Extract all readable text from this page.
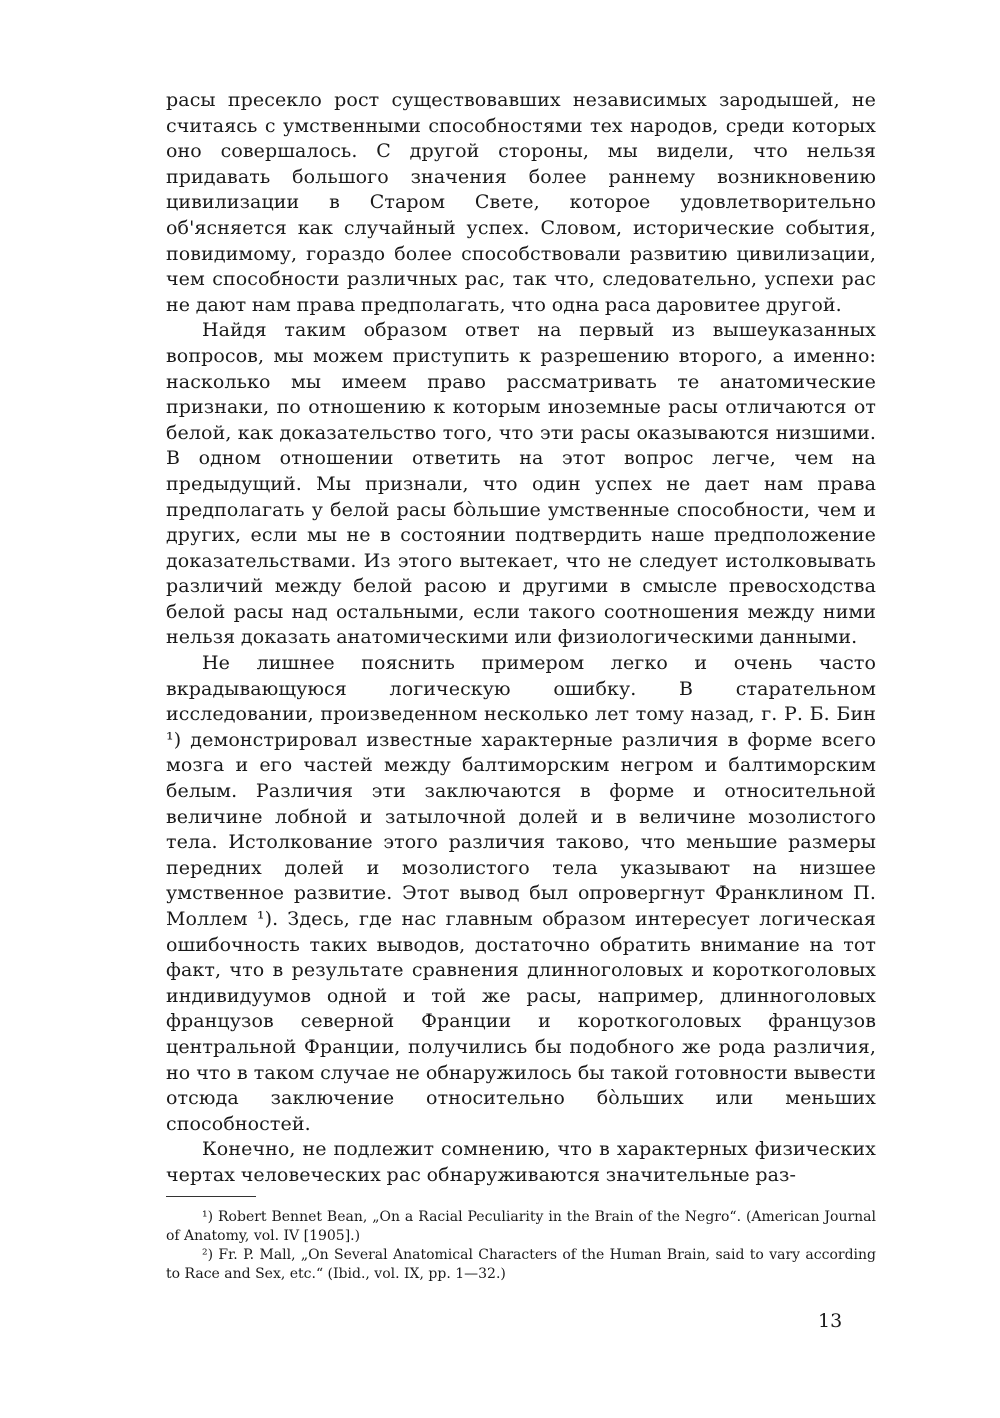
расы пресекло рост существовавших независимых зародышей, не считаясь с умственными способностями тех народов, среди которых оно совершалось. С другой стороны, мы видели, что нельзя придавать большого значения более раннему возникновению цивилизации в Старом Свете, которое удовлетворительно об'ясняется как случайный успех. Словом, исторические события, повидимому, гораздо более способствовали развитию цивилизации, чем способности различных рас, так что, следовательно, успехи рас не дают нам права предполагать, что одна раса даровитее другой.

Найдя таким образом ответ на первый из вышеуказанных вопросов, мы можем приступить к разрешению второго, а именно: насколько мы имеем право рассматривать те анатомические признаки, по отношению к которым иноземные расы отличаются от белой, как доказательство того, что эти расы оказываются низшими. В одном отношении ответить на этот вопрос легче, чем на предыдущий. Мы признали, что один успех не дает нам права предполагать у белой расы бо̀льшие умственные способности, чем и других, если мы не в состоянии подтвердить наше предположение доказательствами. Из этого вытекает, что не следует истолковывать различий между белой расою и другими в смысле превосходства белой расы над остальными, если такого соотношения между ними нельзя доказать анатомическими или физиологическими данными.

Не лишнее пояснить примером легко и очень часто вкрадывающуюся логическую ошибку. В старательном исследовании, произведенном несколько лет тому назад, г. Р. Б. Бин ¹) демонстрировал известные характерные различия в форме всего мозга и его частей между балтиморским негром и балтиморским белым. Различия эти заключаются в форме и относительной величине лобной и затылочной долей и в величине мозолистого тела. Истолкование этого различия таково, что меньшие размеры передних долей и мозолистого тела указывают на низшее умственное развитие. Этот вывод был опровергнут Франклином П. Моллем ¹). Здесь, где нас главным образом интересует логическая ошибочность таких выводов, достаточно обратить внимание на тот факт, что в результате сравнения длинноголовых и короткоголовых индивидуумов одной и той же расы, например, длинноголовых французов северной Франции и короткоголовых французов центральной Франции, получились бы подобного же рода различия, но что в таком случае не обнаружилось бы такой готовности вывести отсюда заключение относительно бо̀льших или меньших способностей.

Конечно, не подлежит сомнению, что в характерных физических чертах человеческих рас обнаруживаются значительные раз-

¹) Robert Bennet Bean, „On a Racial Peculiarity in the Brain of the Negro“. (American Journal of Anatomy, vol. IV [1905].)

²) Fr. P. Mall, „On Several Anatomical Characters of the Human Brain, said to vary according to Race and Sex, etc.“ (Ibid., vol. IX, pp. 1—32.)

13
